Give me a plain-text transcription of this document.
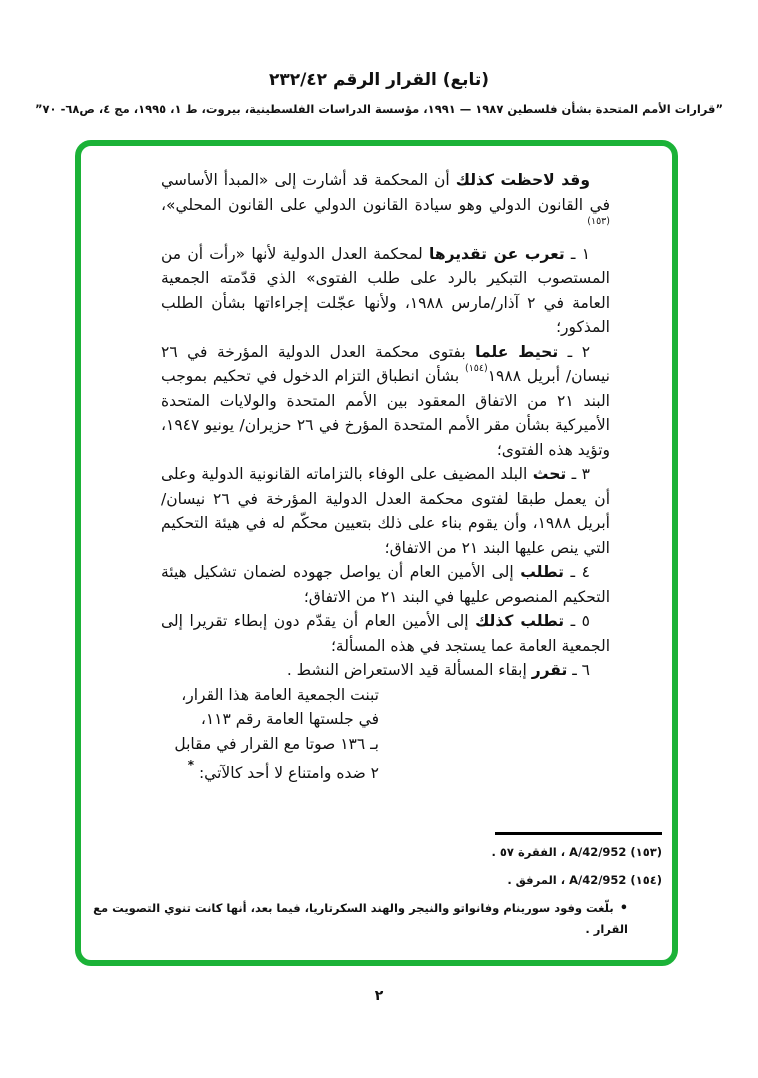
(تابع) القرار الرقم ٢٣٢/٤٢
”قرارات الأمم المتحدة بشأن فلسطين ١٩٨٧ — ١٩٩١، مؤسسة الدراسات الفلسطينية، بيروت، ط ١، ١٩٩٥، مج ٤، ص٦٨- ٧٠”

وقد لاحظت كذلك أن المحكمة قد أشارت إلى «المبدأ الأساسي في القانون الدولي وهو سيادة القانون الدولي على القانون المحلي»،$^{(١٥٣)}$

١ ـ تعرب عن تقديرها لمحكمة العدل الدولية لأنها «رأت أن من المستصوب التبكير بالرد على طلب الفتوى» الذي قدّمته الجمعية العامة في ٢ آذار/مارس ١٩٨٨، ولأنها عجّلت إجراءاتها بشأن الطلب المذكور؛

٢ ـ تحيط علما بفتوى محكمة العدل الدولية المؤرخة في ٢٦ نيسان/ أبريل ١٩٨٨$^{(١٥٤)}$ بشأن انطباق التزام الدخول في تحكيم بموجب البند ٢١ من الاتفاق المعقود بين الأمم المتحدة والولايات المتحدة الأميركية بشأن مقر الأمم المتحدة المؤرخ في ٢٦ حزيران/ يونيو ١٩٤٧، وتؤيد هذه الفتوى؛

٣ ـ تحث البلد المضيف على الوفاء بالتزاماته القانونية الدولية وعلى أن يعمل طبقا لفتوى محكمة العدل الدولية المؤرخة في ٢٦ نيسان/ أبريل ١٩٨٨، وأن يقوم بناء على ذلك بتعيين محكّم له في هيئة التحكيم التي ينص عليها البند ٢١ من الاتفاق؛

٤ ـ تطلب إلى الأمين العام أن يواصل جهوده لضمان تشكيل هيئة التحكيم المنصوص عليها في البند ٢١ من الاتفاق؛

٥ ـ تطلب كذلك إلى الأمين العام أن يقدّم دون إبطاء تقريرا إلى الجمعية العامة عما يستجد في هذه المسألة؛

٦ ـ تقرر إبقاء المسألة قيد الاستعراض النشط .

تبنت الجمعية العامة هذا القرار،
في جلستها العامة رقم ١١٣،
بـ ١٣٦ صوتا مع القرار في مقابل
٢ ضده وامتناع لا أحد كالآتي: *
(١٥٣) A/42/952 ، الفقرة ٥٧ .
(١٥٤) A/42/952 ، المرفق .
•بلّغت وفود سورينام وفانواتو والنيجر والهند السكرتاريا، فيما بعد، أنها كانت تنوي التصويت مع القرار .
٢
